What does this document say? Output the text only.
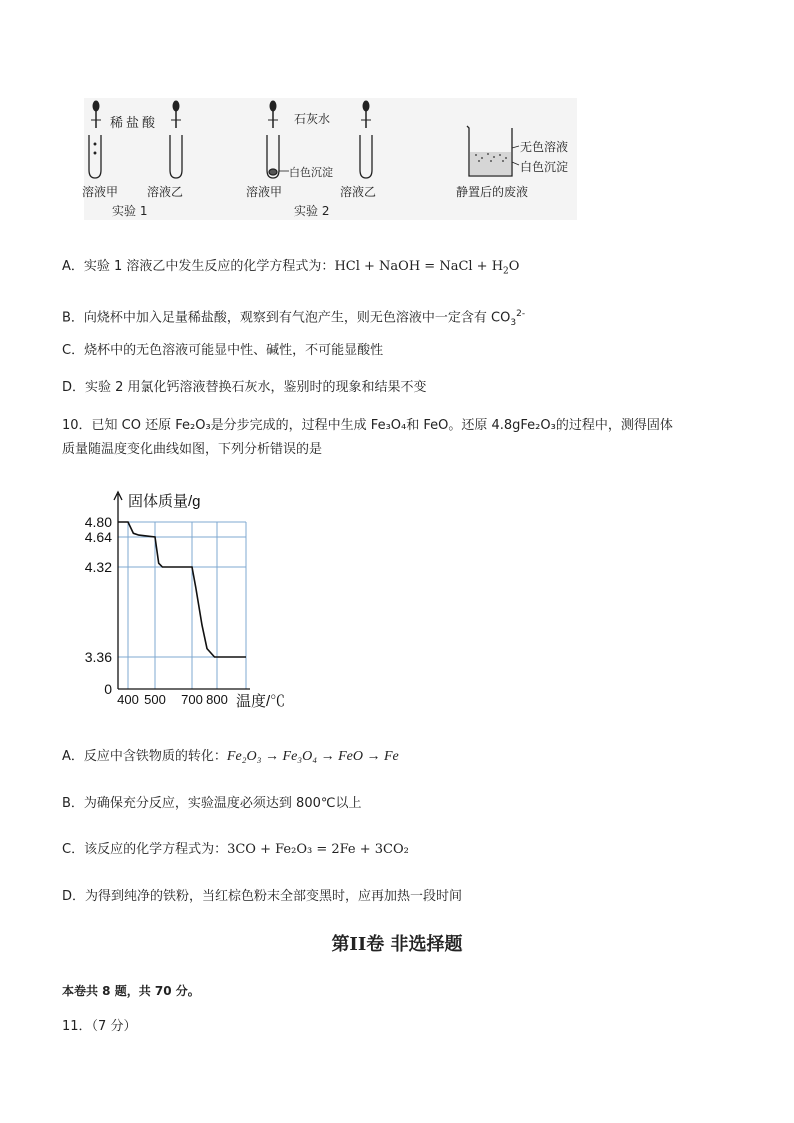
稀盐酸
溶液甲 溶液乙
实验 1
石灰水
白色沉淀
溶液甲	溶液乙
实验 2
无色溶液
白色沉淀
静置后的废液
A．实验 1 溶液乙中发生反应的化学方程式为：HCl + NaOH = NaCl + $H_2O$
B．向烧杯中加入足量稀盐酸，观察到有气泡产生，则无色溶液中一定含有 $CO_3^{2-}$
C．烧杯中的无色溶液可能显中性、碱性，不可能显酸性
D．实验 2 用氯化钙溶液替换石灰水，鉴别时的现象和结果不变
10．已知 CO 还原 Fe₂O₃是分步完成的，过程中生成 Fe₃O₄和 FeO。还原 4.8gFe₂O₃的过程中，测得固体
质量随温度变化曲线如图，下列分析错误的是
4.80
4.64
4.32
3.36
0
400 500 700 800
固体质量/g
温度/℃
A．反应中含铁物质的转化：Fe₂O₃ → Fe₃O₄ → FeO → Fe
B．为确保充分反应，实验温度必须达到 800℃以上
C．该反应的化学方程式为：3CO + Fe₂O₃ = 2Fe + 3CO₂
D．为得到纯净的铁粉，当红棕色粉末全部变黑时，应再加热一段时间
第II卷 非选择题
本卷共 8 题，共 70 分。
11．（7 分）
